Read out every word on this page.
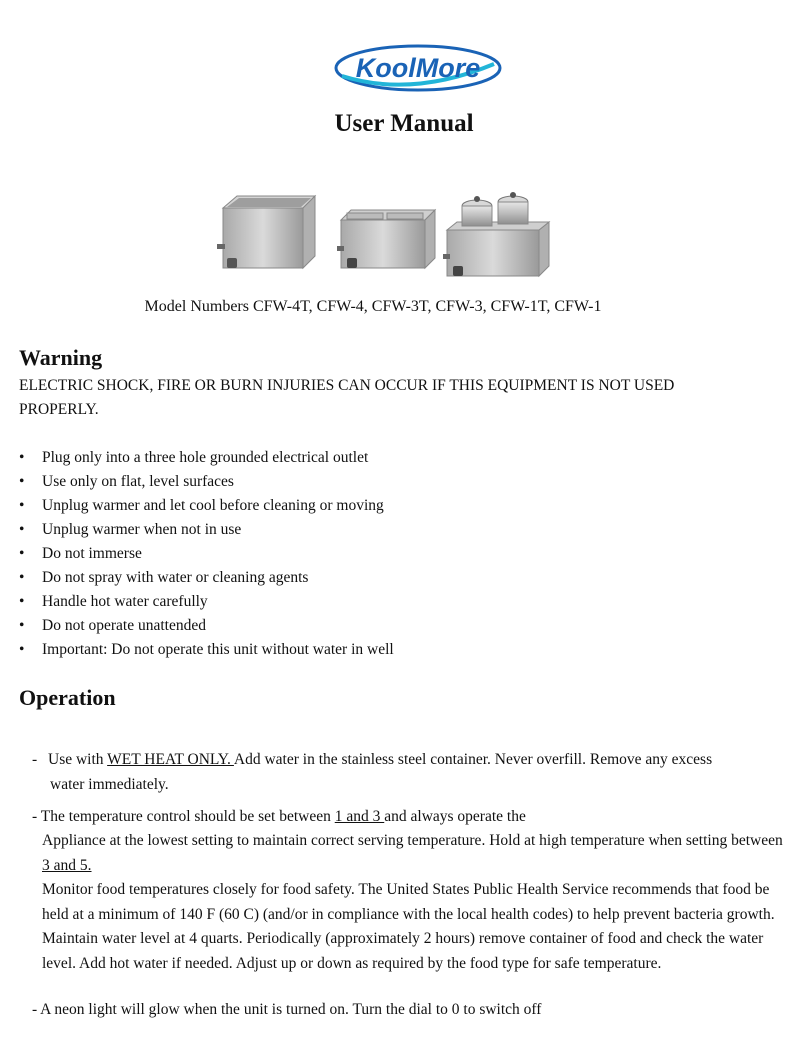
KoolMore
User Manual
Model Numbers CFW-4T, CFW-4, CFW-3T, CFW-3, CFW-1T, CFW-1
Warning
ELECTRIC SHOCK, FIRE OR BURN INJURIES CAN OCCUR IF THIS EQUIPMENT IS NOT USED PROPERLY.
• Plug only into a three hole grounded electrical outlet
• Use only on flat, level surfaces
• Unplug warmer and let cool before cleaning or moving
• Unplug warmer when not in use
• Do not immerse
• Do not spray with water or cleaning agents
• Handle hot water carefully
• Do not operate unattended
• Important: Do not operate this unit without water in well
Operation
- Use with WET HEAT ONLY. Add water in the stainless steel container. Never overfill. Remove any excess
water immediately.
- The temperature control should be set between 1 and 3 and always operate the
Appliance at the lowest setting to maintain correct serving temperature. Hold at high temperature when setting between 3 and 5.
Monitor food temperatures closely for food safety. The United States Public Health Service recommends that food be held at a minimum of 140 F (60 C) (and/or in compliance with the local health codes) to help prevent bacteria growth. Maintain water level at 4 quarts. Periodically (approximately 2 hours) remove container of food and check the water level. Add hot water if needed. Adjust up or down as required by the food type for safe temperature.
- A neon light will glow when the unit is turned on. Turn the dial to 0 to switch off
